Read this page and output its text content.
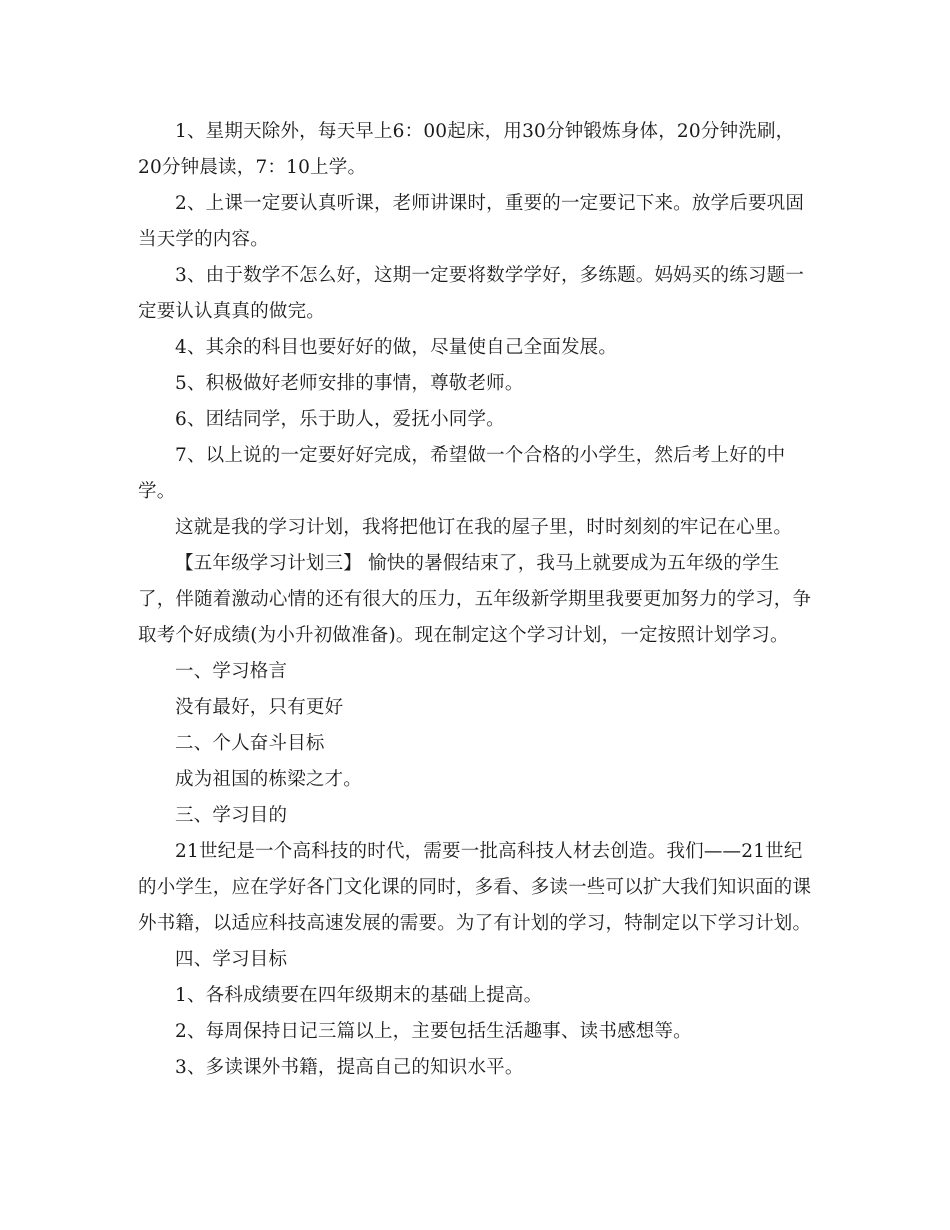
1、星期天除外，每天早上6：00起床，用30分钟锻炼身体，20分钟洗刷，20分钟晨读，7：10上学。

2、上课一定要认真听课，老师讲课时，重要的一定要记下来。放学后要巩固当天学的内容。

3、由于数学不怎么好，这期一定要将数学学好，多练题。妈妈买的练习题一定要认认真真的做完。

4、其余的科目也要好好的做，尽量使自己全面发展。

5、积极做好老师安排的事情，尊敬老师。

6、团结同学，乐于助人，爱抚小同学。

7、以上说的一定要好好完成，希望做一个合格的小学生，然后考上好的中学。

这就是我的学习计划，我将把他订在我的屋子里，时时刻刻的牢记在心里。

【五年级学习计划三】 愉快的暑假结束了，我马上就要成为五年级的学生了，伴随着激动心情的还有很大的压力，五年级新学期里我要更加努力的学习，争取考个好成绩(为小升初做准备)。现在制定这个学习计划，一定按照计划学习。

一、学习格言

没有最好，只有更好

二、个人奋斗目标

成为祖国的栋梁之才。

三、学习目的

21世纪是一个高科技的时代，需要一批高科技人材去创造。我们——21世纪的小学生，应在学好各门文化课的同时，多看、多读一些可以扩大我们知识面的课外书籍，以适应科技高速发展的需要。为了有计划的学习，特制定以下学习计划。

四、学习目标

1、各科成绩要在四年级期末的基础上提高。

2、每周保持日记三篇以上，主要包括生活趣事、读书感想等。

3、多读课外书籍，提高自己的知识水平。
